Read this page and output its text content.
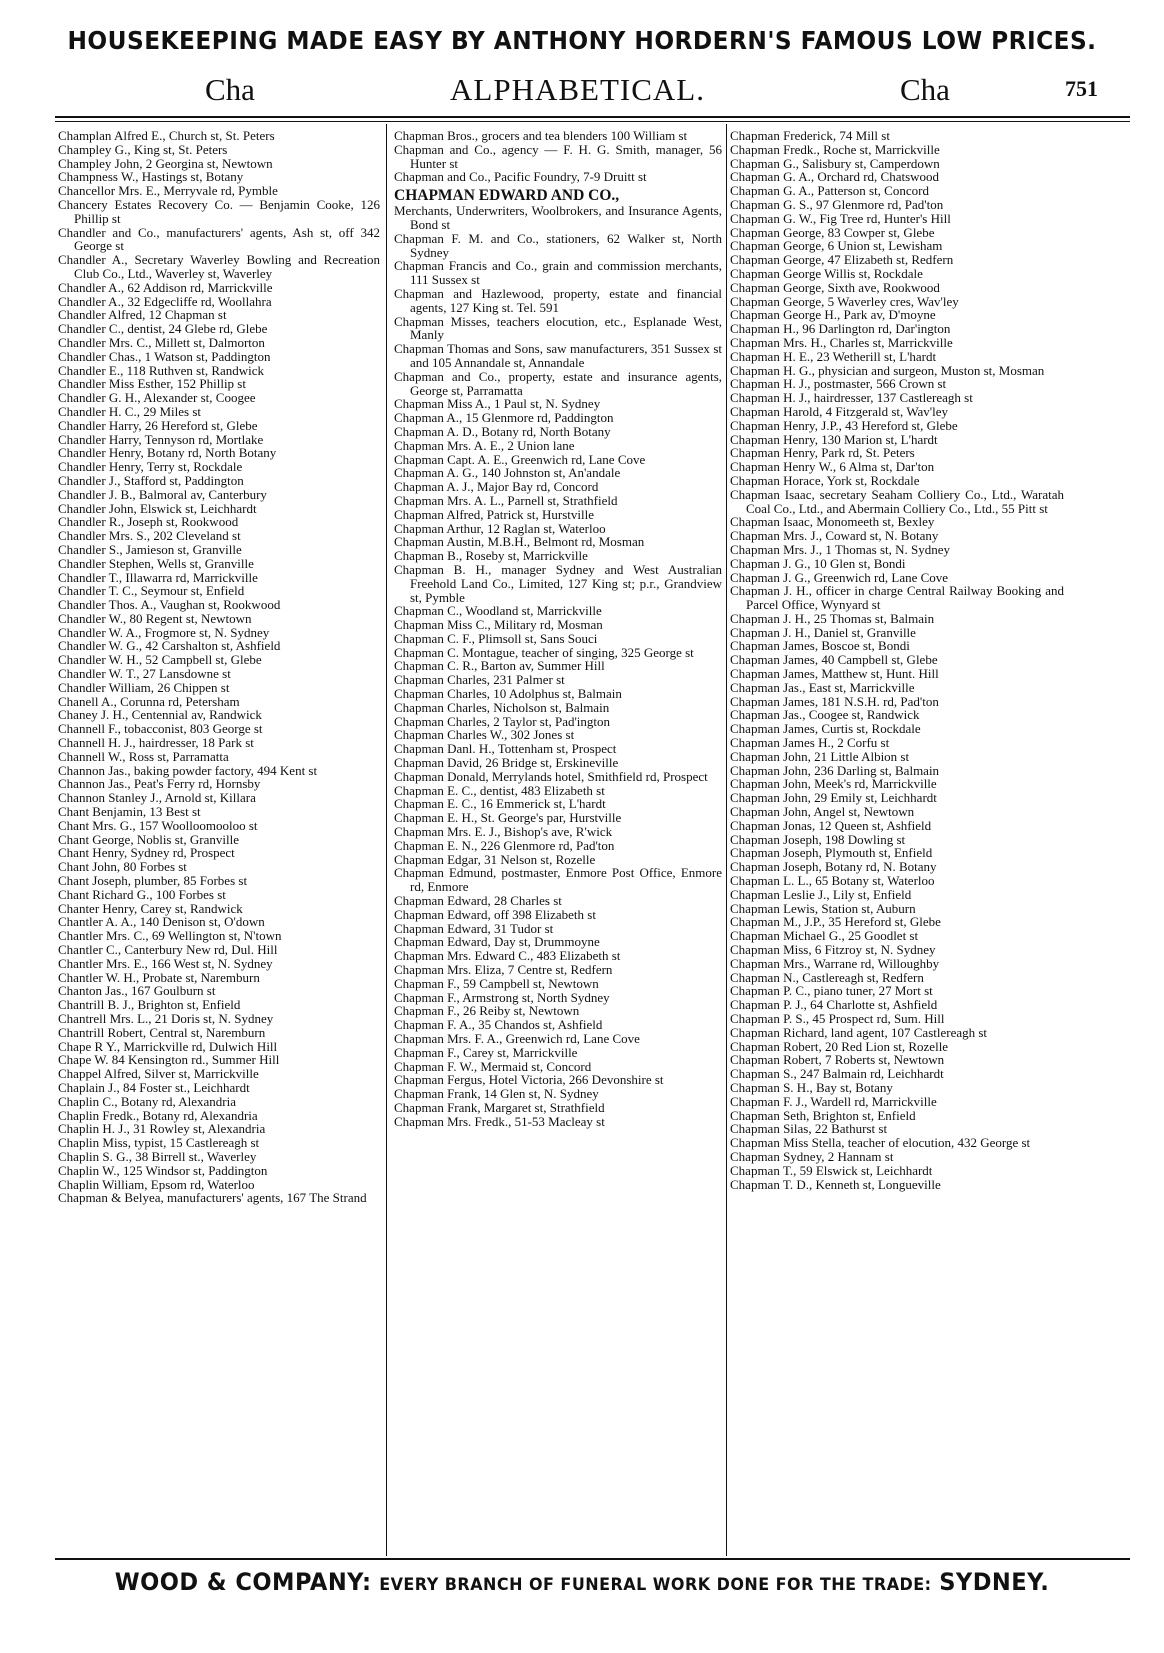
HOUSEKEEPING MADE EASY BY ANTHONY HORDERN'S FAMOUS LOW PRICES.
Cha	ALPHABETICAL.	Cha	751

Champlan Alfred E., Church st, St. Peters

Champley G., King st, St. Peters

Champley John, 2 Georgina st, Newtown

Champness W., Hastings st, Botany

Chancellor Mrs. E., Merryvale rd, Pymble

Chancery Estates Recovery Co. — Benjamin Cooke, 126 Phillip st

Chandler and Co., manufacturers' agents, Ash st, off 342 George st

Chandler A., Secretary Waverley Bowling and Recreation Club Co., Ltd., Waverley st, Waverley

Chandler A., 62 Addison rd, Marrickville

Chandler A., 32 Edgecliffe rd, Woollahra

Chandler Alfred, 12 Chapman st

Chandler C., dentist, 24 Glebe rd, Glebe

Chandler Mrs. C., Millett st, Dalmorton

Chandler Chas., 1 Watson st, Paddington

Chandler E., 118 Ruthven st, Randwick

Chandler Miss Esther, 152 Phillip st

Chandler G. H., Alexander st, Coogee

Chandler H. C., 29 Miles st

Chandler Harry, 26 Hereford st, Glebe

Chandler Harry, Tennyson rd, Mortlake

Chandler Henry, Botany rd, North Botany

Chandler Henry, Terry st, Rockdale

Chandler J., Stafford st, Paddington

Chandler J. B., Balmoral av, Canterbury

Chandler John, Elswick st, Leichhardt

Chandler R., Joseph st, Rookwood

Chandler Mrs. S., 202 Cleveland st

Chandler S., Jamieson st, Granville

Chandler Stephen, Wells st, Granville

Chandler T., Illawarra rd, Marrickville

Chandler T. C., Seymour st, Enfield

Chandler Thos. A., Vaughan st, Rookwood

Chandler W., 80 Regent st, Newtown

Chandler W. A., Frogmore st, N. Sydney

Chandler W. G., 42 Carshalton st, Ashfield

Chandler W. H., 52 Campbell st, Glebe

Chandler W. T., 27 Lansdowne st

Chandler William, 26 Chippen st

Chanell A., Corunna rd, Petersham

Chaney J. H., Centennial av, Randwick

Channell F., tobacconist, 803 George st

Channell H. J., hairdresser, 18 Park st

Channell W., Ross st, Parramatta

Channon Jas., baking powder factory, 494 Kent st

Channon Jas., Peat's Ferry rd, Hornsby

Channon Stanley J., Arnold st, Killara

Chant Benjamin, 13 Best st

Chant Mrs. G., 157 Woolloomooloo st

Chant George, Noblis st, Granville

Chant Henry, Sydney rd, Prospect

Chant John, 80 Forbes st

Chant Joseph, plumber, 85 Forbes st

Chant Richard G., 100 Forbes st

Chanter Henry, Carey st, Randwick

Chantler A. A., 140 Denison st, O'down

Chantler Mrs. C., 69 Wellington st, N'town

Chantler C., Canterbury New rd, Dul. Hill

Chantler Mrs. E., 166 West st, N. Sydney

Chantler W. H., Probate st, Naremburn

Chanton Jas., 167 Goulburn st

Chantrill B. J., Brighton st, Enfield

Chantrell Mrs. L., 21 Doris st, N. Sydney

Chantrill Robert, Central st, Naremburn

Chape R Y., Marrickville rd, Dulwich Hill

Chape W. 84 Kensington rd., Summer Hill

Chappel Alfred, Silver st, Marrickville

Chaplain J., 84 Foster st., Leichhardt

Chaplin C., Botany rd, Alexandria

Chaplin Fredk., Botany rd, Alexandria

Chaplin H. J., 31 Rowley st, Alexandria

Chaplin Miss, typist, 15 Castlereagh st

Chaplin S. G., 38 Birrell st., Waverley

Chaplin W., 125 Windsor st, Paddington

Chaplin William, Epsom rd, Waterloo

Chapman & Belyea, manufacturers' agents, 167 The Strand

Chapman Bros., grocers and tea blenders 100 William st

Chapman and Co., agency — F. H. G. Smith, manager, 56 Hunter st

Chapman and Co., Pacific Foundry, 7-9 Druitt st

CHAPMAN EDWARD AND CO.,

Merchants, Underwriters, Woolbrokers, and Insurance Agents, Bond st

Chapman F. M. and Co., stationers, 62 Walker st, North Sydney

Chapman Francis and Co., grain and commission merchants, 111 Sussex st

Chapman and Hazlewood, property, estate and financial agents, 127 King st. Tel. 591

Chapman Misses, teachers elocution, etc., Esplanade West, Manly

Chapman Thomas and Sons, saw manufacturers, 351 Sussex st and 105 Annandale st, Annandale

Chapman and Co., property, estate and insurance agents, George st, Parramatta

Chapman Miss A., 1 Paul st, N. Sydney

Chapman A., 15 Glenmore rd, Paddington

Chapman A. D., Botany rd, North Botany

Chapman Mrs. A. E., 2 Union lane

Chapman Capt. A. E., Greenwich rd, Lane Cove

Chapman A. G., 140 Johnston st, An'andale

Chapman A. J., Major Bay rd, Concord

Chapman Mrs. A. L., Parnell st, Strathfield

Chapman Alfred, Patrick st, Hurstville

Chapman Arthur, 12 Raglan st, Waterloo

Chapman Austin, M.B.H., Belmont rd, Mosman

Chapman B., Roseby st, Marrickville

Chapman B. H., manager Sydney and West Australian Freehold Land Co., Limited, 127 King st; p.r., Grandview st, Pymble

Chapman C., Woodland st, Marrickville

Chapman Miss C., Military rd, Mosman

Chapman C. F., Plimsoll st, Sans Souci

Chapman C. Montague, teacher of singing, 325 George st

Chapman C. R., Barton av, Summer Hill

Chapman Charles, 231 Palmer st

Chapman Charles, 10 Adolphus st, Balmain

Chapman Charles, Nicholson st, Balmain

Chapman Charles, 2 Taylor st, Pad'ington

Chapman Charles W., 302 Jones st

Chapman Danl. H., Tottenham st, Prospect

Chapman David, 26 Bridge st, Erskineville

Chapman Donald, Merrylands hotel, Smithfield rd, Prospect

Chapman E. C., dentist, 483 Elizabeth st

Chapman E. C., 16 Emmerick st, L'hardt

Chapman E. H., St. George's par, Hurstville

Chapman Mrs. E. J., Bishop's ave, R'wick

Chapman E. N., 226 Glenmore rd, Pad'ton

Chapman Edgar, 31 Nelson st, Rozelle

Chapman Edmund, postmaster, Enmore Post Office, Enmore rd, Enmore

Chapman Edward, 28 Charles st

Chapman Edward, off 398 Elizabeth st

Chapman Edward, 31 Tudor st

Chapman Edward, Day st, Drummoyne

Chapman Mrs. Edward C., 483 Elizabeth st

Chapman Mrs. Eliza, 7 Centre st, Redfern

Chapman F., 59 Campbell st, Newtown

Chapman F., Armstrong st, North Sydney

Chapman F., 26 Reiby st, Newtown

Chapman F. A., 35 Chandos st, Ashfield

Chapman Mrs. F. A., Greenwich rd, Lane Cove

Chapman F., Carey st, Marrickville

Chapman F. W., Mermaid st, Concord

Chapman Fergus, Hotel Victoria, 266 Devonshire st

Chapman Frank, 14 Glen st, N. Sydney

Chapman Frank, Margaret st, Strathfield

Chapman Mrs. Fredk., 51-53 Macleay st

Chapman Frederick, 74 Mill st

Chapman Fredk., Roche st, Marrickville

Chapman G., Salisbury st, Camperdown

Chapman G. A., Orchard rd, Chatswood

Chapman G. A., Patterson st, Concord

Chapman G. S., 97 Glenmore rd, Pad'ton

Chapman G. W., Fig Tree rd, Hunter's Hill

Chapman George, 83 Cowper st, Glebe

Chapman George, 6 Union st, Lewisham

Chapman George, 47 Elizabeth st, Redfern

Chapman George Willis st, Rockdale

Chapman George, Sixth ave, Rookwood

Chapman George, 5 Waverley cres, Wav'ley

Chapman George H., Park av, D'moyne

Chapman H., 96 Darlington rd, Dar'ington

Chapman Mrs. H., Charles st, Marrickville

Chapman H. E., 23 Wetherill st, L'hardt

Chapman H. G., physician and surgeon, Muston st, Mosman

Chapman H. J., postmaster, 566 Crown st

Chapman H. J., hairdresser, 137 Castlereagh st

Chapman Harold, 4 Fitzgerald st, Wav'ley

Chapman Henry, J.P., 43 Hereford st, Glebe

Chapman Henry, 130 Marion st, L'hardt

Chapman Henry, Park rd, St. Peters

Chapman Henry W., 6 Alma st, Dar'ton

Chapman Horace, York st, Rockdale

Chapman Isaac, secretary Seaham Colliery Co., Ltd., Waratah Coal Co., Ltd., and Abermain Colliery Co., Ltd., 55 Pitt st

Chapman Isaac, Monomeeth st, Bexley

Chapman Mrs. J., Coward st, N. Botany

Chapman Mrs. J., 1 Thomas st, N. Sydney

Chapman J. G., 10 Glen st, Bondi

Chapman J. G., Greenwich rd, Lane Cove

Chapman J. H., officer in charge Central Railway Booking and Parcel Office, Wynyard st

Chapman J. H., 25 Thomas st, Balmain

Chapman J. H., Daniel st, Granville

Chapman James, Boscoe st, Bondi

Chapman James, 40 Campbell st, Glebe

Chapman James, Matthew st, Hunt. Hill

Chapman Jas., East st, Marrickville

Chapman James, 181 N.S.H. rd, Pad'ton

Chapman Jas., Coogee st, Randwick

Chapman James, Curtis st, Rockdale

Chapman James H., 2 Corfu st

Chapman John, 21 Little Albion st

Chapman John, 236 Darling st, Balmain

Chapman John, Meek's rd, Marrickville

Chapman John, 29 Emily st, Leichhardt

Chapman John, Angel st, Newtown

Chapman Jonas, 12 Queen st, Ashfield

Chapman Joseph, 198 Dowling st

Chapman Joseph, Plymouth st, Enfield

Chapman Joseph, Botany rd, N. Botany

Chapman L. L., 65 Botany st, Waterloo

Chapman Leslie J., Lily st, Enfield

Chapman Lewis, Station st, Auburn

Chapman M., J.P., 35 Hereford st, Glebe

Chapman Michael G., 25 Goodlet st

Chapman Miss, 6 Fitzroy st, N. Sydney

Chapman Mrs., Warrane rd, Willoughby

Chapman N., Castlereagh st, Redfern

Chapman P. C., piano tuner, 27 Mort st

Chapman P. J., 64 Charlotte st, Ashfield

Chapman P. S., 45 Prospect rd, Sum. Hill

Chapman Richard, land agent, 107 Castlereagh st

Chapman Robert, 20 Red Lion st, Rozelle

Chapman Robert, 7 Roberts st, Newtown

Chapman S., 247 Balmain rd, Leichhardt

Chapman S. H., Bay st, Botany

Chapman F. J., Wardell rd, Marrickville

Chapman Seth, Brighton st, Enfield

Chapman Silas, 22 Bathurst st

Chapman Miss Stella, teacher of elocution, 432 George st

Chapman Sydney, 2 Hannam st

Chapman T., 59 Elswick st, Leichhardt

Chapman T. D., Kenneth st, Longueville

WOOD & COMPANY: EVERY BRANCH OF FUNERAL WORK DONE FOR THE TRADE: SYDNEY.
